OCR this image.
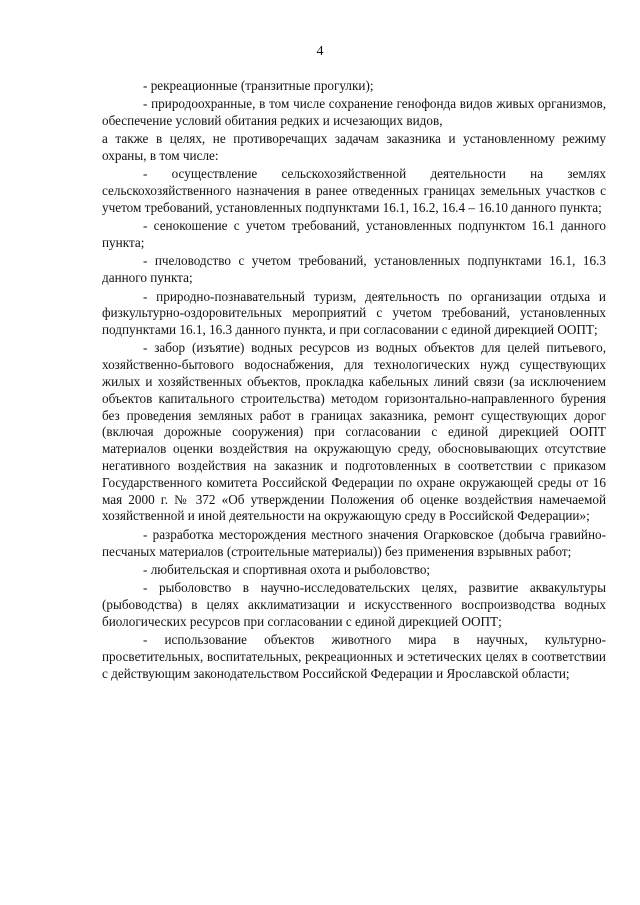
4

- рекреационные (транзитные прогулки);

- природоохранные, в том числе сохранение генофонда видов живых организмов, обеспечение условий обитания редких и исчезающих видов,

а также в целях, не противоречащих задачам заказника и установленному режиму охраны, в том числе:

- осуществление сельскохозяйственной деятельности на землях сельскохозяйственного назначения в ранее отведенных границах земельных участков с учетом требований, установленных подпунктами 16.1, 16.2, 16.4 – 16.10 данного пункта;

- сенокошение с учетом требований, установленных подпунктом 16.1 данного пункта;

- пчеловодство с учетом требований, установленных подпунктами 16.1, 16.3 данного пункта;

- природно-познавательный туризм, деятельность по организации отдыха и физкультурно-оздоровительных мероприятий с учетом требований, установленных подпунктами 16.1, 16.3 данного пункта, и при согласовании с единой дирекцией ООПТ;

- забор (изъятие) водных ресурсов из водных объектов для целей питьевого, хозяйственно-бытового водоснабжения, для технологических нужд существующих жилых и хозяйственных объектов, прокладка кабельных линий связи (за исключением объектов капитального строительства) методом горизонтально-направленного бурения без проведения земляных работ в границах заказника, ремонт существующих дорог (включая дорожные сооружения) при согласовании с единой дирекцией ООПТ материалов оценки воздействия на окружающую среду, обосновывающих отсутствие негативного воздействия на заказник и подготовленных в соответствии с приказом Государственного комитета Российской Федерации по охране окружающей среды от 16 мая 2000 г. № 372 «Об утверждении Положения об оценке воздействия намечаемой хозяйственной и иной деятельности на окружающую среду в Российской Федерации»;

- разработка месторождения местного значения Огарковское (добыча гравийно-песчаных материалов (строительные материалы)) без применения взрывных работ;

- любительская и спортивная охота и рыболовство;

- рыболовство в научно-исследовательских целях, развитие аквакультуры (рыбоводства) в целях акклиматизации и искусственного воспроизводства водных биологических ресурсов при согласовании с единой дирекцией ООПТ;

- использование объектов животного мира в научных, культурно-просветительных, воспитательных, рекреационных и эстетических целях в соответствии с действующим законодательством Российской Федерации и Ярославской области;
